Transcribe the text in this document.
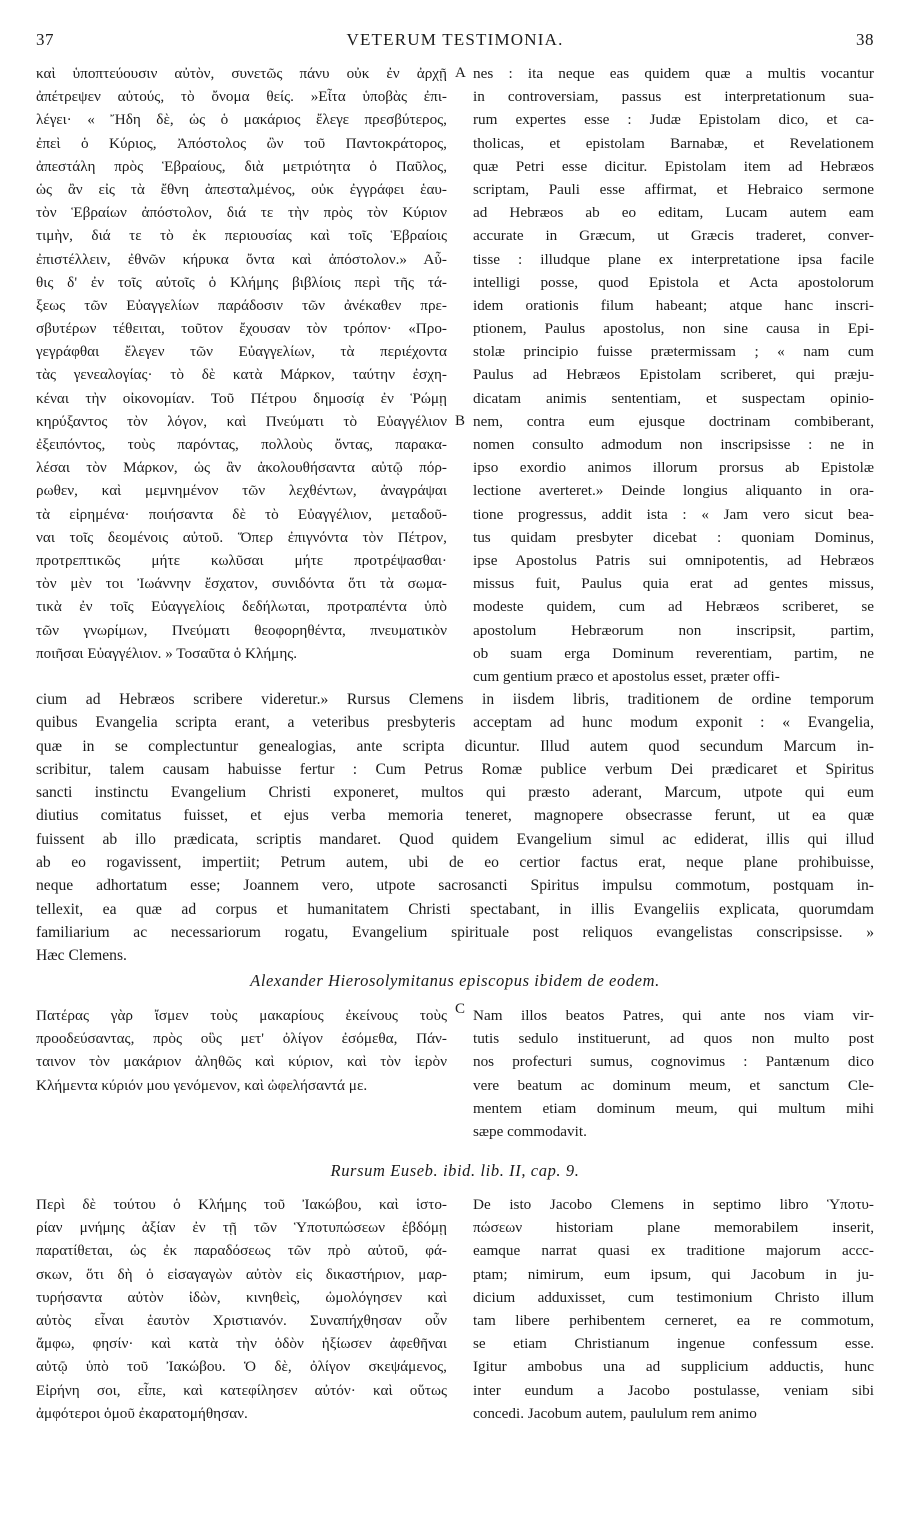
37	VETERUM TESTIMONIA.	38
καὶ ὑποπτεύουσιν αὐτὸν, συνετῶς πάνυ οὐκ ἐν ἀρχῇ
ἀπέτρεψεν αὐτούς, τὸ ὄνομα θείς. »Εἶτα ὑποβὰς ἐπι-
λέγει· « Ἤδη δὲ, ὡς ὁ μακάριος ἔλεγε πρεσβύτερος,
ἐπεὶ ὁ Κύριος, Ἀπόστολος ὢν τοῦ Παντοκράτορος,
ἀπεστάλη πρὸς Ἑβραίους, διὰ μετριότητα ὁ Παῦλος,
ὡς ἂν εἰς τὰ ἔθνη ἀπεσταλμένος, οὐκ ἐγγράφει ἑαυ-
τὸν Ἑβραίων ἀπόστολον, διά τε τὴν πρὸς τὸν Κύριον
τιμὴν, διά τε τὸ ἐκ περιουσίας καὶ τοῖς Ἑβραίοις
ἐπιστέλλειν, ἐθνῶν κήρυκα ὄντα καὶ ἀπόστολον.» Αὖ-
θις δ' ἐν τοῖς αὐτοῖς ὁ Κλήμης βιβλίοις περὶ τῆς τά-
ξεως τῶν Εὐαγγελίων παράδοσιν τῶν ἀνέκαθεν πρε-
σβυτέρων τέθειται, τοῦτον ἔχουσαν τὸν τρόπον· «Προ-
γεγράφθαι ἔλεγεν τῶν Εὐαγγελίων, τὰ περιέχοντα
τὰς γενεαλογίας· τὸ δὲ κατὰ Μάρκον, ταύτην ἐσχη-
κέναι τὴν οἰκονομίαν. Τοῦ Πέτρου δημοσίᾳ ἐν Ῥώμῃ
κηρύξαντος τὸν λόγον, καὶ Πνεύματι τὸ Εὐαγγέλιον
ἐξειπόντος, τοὺς παρόντας, πολλοὺς ὄντας, παρακα-
λέσαι τὸν Μάρκον, ὡς ἂν ἀκολουθήσαντα αὐτῷ πόρ-
ρωθεν, καὶ μεμνημένον τῶν λεχθέντων, ἀναγράψαι
τὰ εἰρημένα· ποιήσαντα δὲ τὸ Εὐαγγέλιον, μεταδοῦ-
ναι τοῖς δεομένοις αὐτοῦ. Ὅπερ ἐπιγνόντα τὸν Πέτρον,
προτρεπτικῶς μήτε κωλῦσαι μήτε προτρέψασθαι·
τὸν μὲν τοι Ἰωάννην ἔσχατον, συνιδόντα ὅτι τὰ σωμα-
τικὰ ἐν τοῖς Εὐαγγελίοις δεδήλωται, προτραπέντα ὑπὸ
τῶν γνωρίμων, Πνεύματι θεοφορηθέντα, πνευματικὸν
ποιῆσαι Εὐαγγέλιον. » Τοσαῦτα ὁ Κλήμης.
A
B
nes : ita neque eas quidem quæ a multis vocantur
in controversiam, passus est interpretationum sua-
rum expertes esse : Judæ Epistolam dico, et ca-
tholicas, et epistolam Barnabæ, et Revelationem
quæ Petri esse dicitur. Epistolam item ad Hebræos
scriptam, Pauli esse affirmat, et Hebraico sermone
ad Hebræos ab eo editam, Lucam autem eam
accurate in Græcum, ut Græcis traderet, conver-
tisse : illudque plane ex interpretatione ipsa facile
intelligi posse, quod Epistola et Acta apostolorum
idem orationis filum habeant; atque hanc inscri-
ptionem, Paulus apostolus, non sine causa in Epi-
stolæ principio fuisse prætermissam ; « nam cum
Paulus ad Hebræos Epistolam scriberet, qui præju-
dicatam animis sententiam, et suspectam opinio-
nem, contra eum ejusque doctrinam combiberant,
nomen consulto admodum non inscripsisse : ne in
ipso exordio animos illorum prorsus ab Epistolæ
lectione averteret.» Deinde longius aliquanto in ora-
tione progressus, addit ista : « Jam vero sicut bea-
tus quidam presbyter dicebat : quoniam Dominus,
ipse Apostolus Patris sui omnipotentis, ad Hebræos
missus fuit, Paulus quia erat ad gentes missus,
modeste quidem, cum ad Hebræos scriberet, se
apostolum Hebræorum non inscripsit, partim,
ob suam erga Dominum reverentiam, partim, ne
cum gentium præco et apostolus esset, præter offi-
cium ad Hebræos scribere videretur.» Rursus Clemens in iisdem libris, traditionem de ordine temporum
quibus Evangelia scripta erant, a veteribus presbyteris acceptam ad hunc modum exponit : « Evangelia,
quæ in se complectuntur genealogias, ante scripta dicuntur. Illud autem quod secundum Marcum in-
scribitur, talem causam habuisse fertur : Cum Petrus Romæ publice verbum Dei prædicaret et Spiritus
sancti instinctu Evangelium Christi exponeret, multos qui præsto aderant, Marcum, utpote qui eum
diutius comitatus fuisset, et ejus verba memoria teneret, magnopere obsecrasse ferunt, ut ea quæ
fuissent ab illo prædicata, scriptis mandaret. Quod quidem Evangelium simul ac ediderat, illis qui illud
ab eo rogavissent, impertiit; Petrum autem, ubi de eo certior factus erat, neque plane prohibuisse,
neque adhortatum esse; Joannem vero, utpote sacrosancti Spiritus impulsu commotum, postquam in-
tellexit, ea quæ ad corpus et humanitatem Christi spectabant, in illis Evangeliis explicata, quorumdam
familiarium ac necessariorum rogatu, Evangelium spirituale post reliquos evangelistas conscripsisse. »
Hæc Clemens.
Alexander Hierosolymitanus episcopus ibidem de eodem.
Πατέρας γὰρ ἴσμεν τοὺς μακαρίους ἐκείνους τοὺς
προοδεύσαντας, πρὸς οὓς μετ' ὀλίγον ἐσόμεθα, Πάν-
ταινον τὸν μακάριον ἀληθῶς καὶ κύριον, καὶ τὸν ἱερὸν
Κλήμεντα κύριόν μου γενόμενον, καὶ ὠφελήσαντά με.
C Nam illos beatos Patres, qui ante nos viam vir-
tutis sedulo instituerunt, ad quos non multo post
nos profecturi sumus, cognovimus : Pantænum dico
vere beatum ac dominum meum, et sanctum Cle-
mentem etiam dominum meum, qui multum mihi
sæpe commodavit.
Rursum Euseb. ibid. lib. II, cap. 9.
Περὶ δὲ τούτου ὁ Κλήμης τοῦ Ἰακώβου, καὶ ἱστο-
ρίαν μνήμης ἀξίαν ἐν τῇ τῶν Ὑποτυπώσεων ἑβδόμῃ
παρατίθεται, ὡς ἐκ παραδόσεως τῶν πρὸ αὐτοῦ, φά-
σκων, ὅτι δὴ ὁ εἰσαγαγὼν αὐτὸν εἰς δικαστήριον, μαρ-
τυρήσαντα αὐτὸν ἰδὼν, κινηθεὶς, ὡμολόγησεν καὶ
αὐτὸς εἶναι ἑαυτὸν Χριστιανόν. Συναπήχθησαν οὖν
ἄμφω, φησίν· καὶ κατὰ τὴν ὁδὸν ἠξίωσεν ἀφεθῆναι
αὐτῷ ὑπὸ τοῦ Ἰακώβου. Ὁ δὲ, ὀλίγον σκεψάμενος,
Εἰρήνη σοι, εἶπε, καὶ κατεφίλησεν αὐτόν· καὶ οὕτως
ἀμφότεροι ὁμοῦ ἐκαρατομήθησαν.
De isto Jacobo Clemens in septimo libro Ὑποτυ-
πώσεων historiam plane memorabilem inserit,
eamque narrat quasi ex traditione majorum accc-
ptam; nimirum, eum ipsum, qui Jacobum in ju-
dicium adduxisset, cum testimonium Christo illum
tam libere perhibentem cerneret, ea re commotum,
se etiam Christianum ingenue confessum esse.
Igitur ambobus una ad supplicium adductis, hunc
inter eundum a Jacobo postulasse, veniam sibi
concedi. Jacobum autem, paululum rem animo
